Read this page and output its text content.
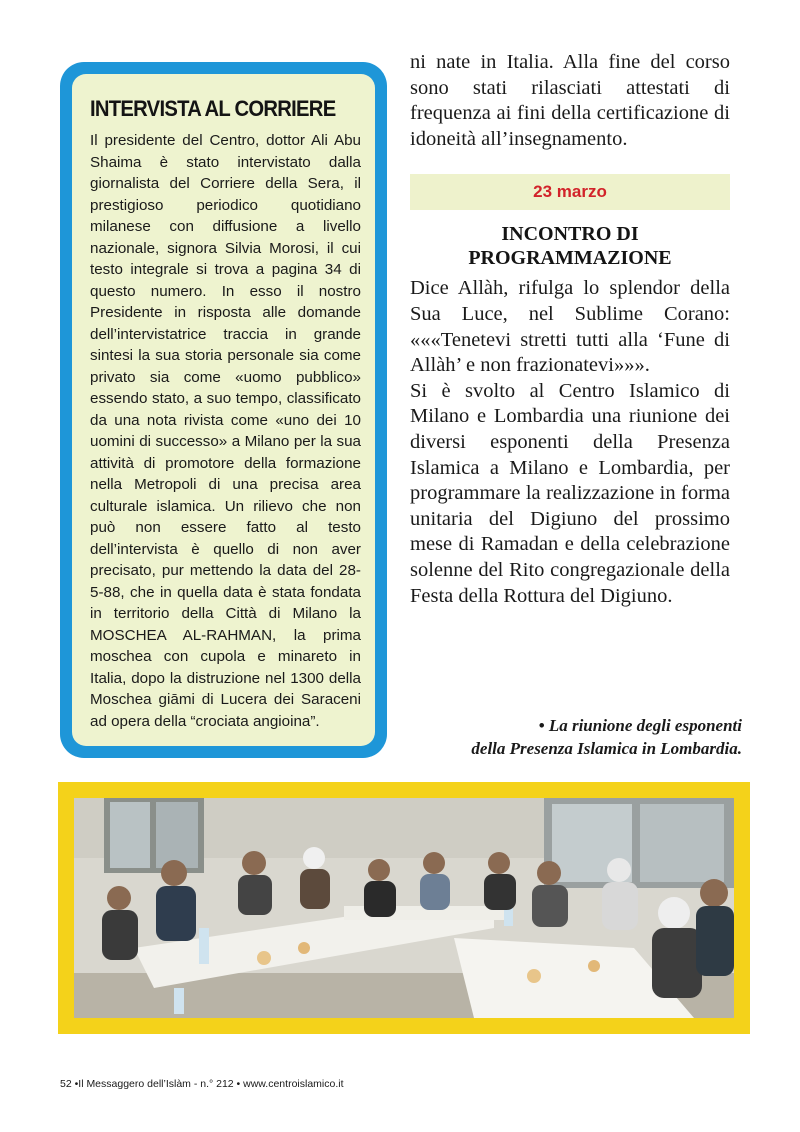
INTERVISTA AL CORRIERE

Il presidente del Centro, dottor Ali Abu Shaima è stato intervistato dalla giornalista del Corriere della Sera, il prestigioso periodico quotidiano milanese con diffusione a livello nazionale, signora Silvia Morosi, il cui testo integrale si trova a pagina 34 di questo numero. In esso il nostro Presidente in risposta alle domande dell’intervistatrice traccia in grande sintesi la sua storia personale sia come privato sia come «uomo pubblico» essendo stato, a suo tempo, classificato da una nota rivista come «uno dei 10 uomini di successo» a Milano per la sua attività di promotore della formazione nella Metropoli di una precisa area culturale islamica. Un rilievo che non può non essere fatto al testo dell’intervista è quello di non aver precisato, pur mettendo la data del 28-5-88, che in quella data è stata fondata in territorio della Città di Milano la MOSCHEA AL-RAHMAN, la prima moschea con cupola e minareto in Italia, dopo la distruzione nel 1300 della Moschea giāmi di Lucera dei Saraceni ad opera della “crociata angioina”.

ni nate in Italia. Alla fine del corso sono stati rilasciati attestati di frequenza ai fini della certificazione di idoneità all’insegnamento.

23 marzo
INCONTRO DI
PROGRAMMAZIONE

Dice Allàh, rifulga lo splendor della Sua Luce, nel Sublime Corano: «««Tenetevi stretti tutti alla ‘Fune di Allàh’ e non frazionatevi»»».

Si è svolto al Centro Islamico di Milano e Lombardia una riunione dei diversi esponenti della Presenza Islamica a Milano e Lombardia, per programmare la realizzazione in forma unitaria del Digiuno del prossimo mese di Ramadan e della celebrazione solenne del Rito congregazionale della Festa della Rottura del Digiuno.

• La riunione degli esponenti
della Presenza Islamica in Lombardia.
52 •Il Messaggero dell’Islàm - n.° 212 • www.centroislamico.it
